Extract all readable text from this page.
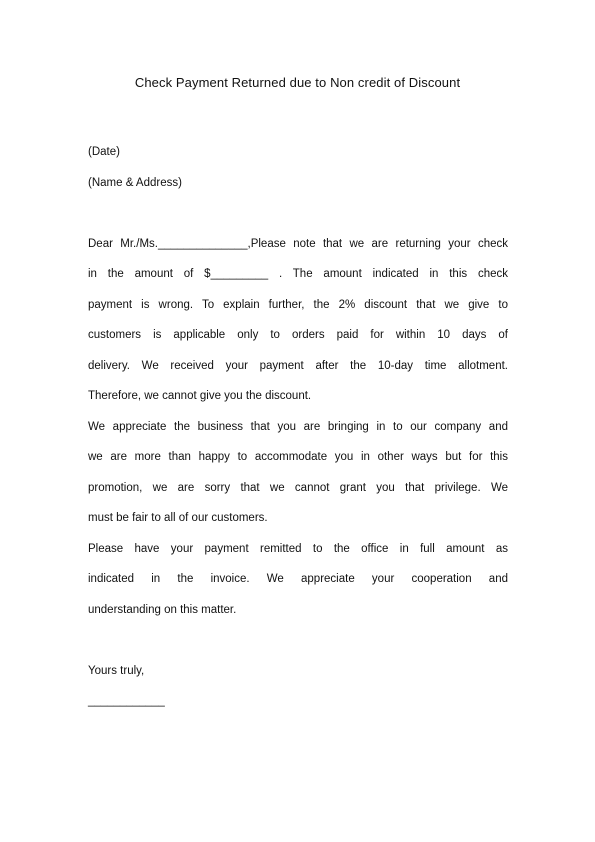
Check Payment Returned due to Non credit of Discount
(Date)
(Name & Address)
Dear Mr./Ms.______________,Please note that we are returning your check
in the amount of $_________ . The amount indicated in this check
payment is wrong. To explain further, the 2% discount that we give to
customers is applicable only to orders paid for within 10 days of
delivery. We received your payment after the 10-day time allotment.
Therefore, we cannot give you the discount.
We appreciate the business that you are bringing in to our company and
we are more than happy to accommodate you in other ways but for this
promotion, we are sorry that we cannot grant you that privilege. We
must be fair to all of our customers.
Please have your payment remitted to the office in full amount as
indicated in the invoice. We appreciate your cooperation and
understanding on this matter.
Yours truly,
____________
